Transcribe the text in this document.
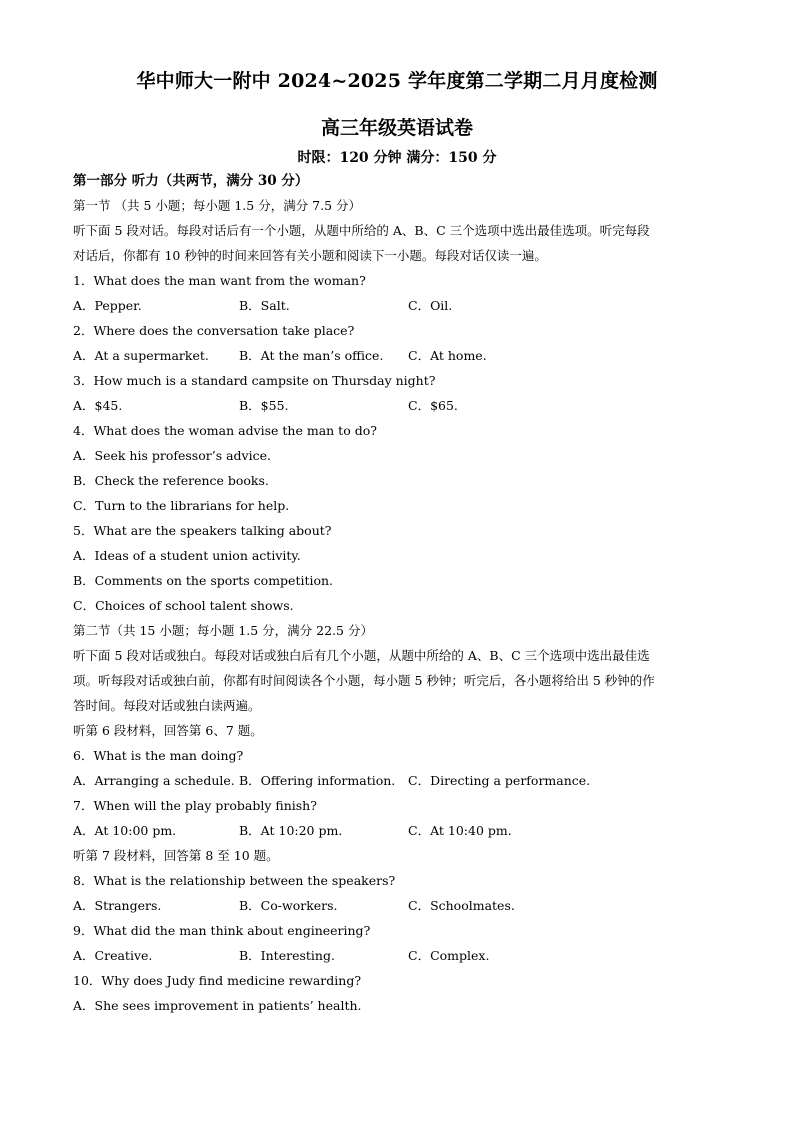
华中师大一附中 2024~2025 学年度第二学期二月月度检测
高三年级英语试卷
时限：120 分钟 满分：150 分
第一部分 听力（共两节，满分 30 分）
第一节 （共 5 小题；每小题 1.5 分，满分 7.5 分）
听下面 5 段对话。每段对话后有一个小题，从题中所给的 A、B、C 三个选项中选出最佳选项。听完每段
对话后，你都有 10 秒钟的时间来回答有关小题和阅读下一小题。每段对话仅读一遍。
1．What does the man want from the woman?
A．Pepper.	B．Salt.	C．Oil.
2．Where does the conversation take place?
A．At a supermarket. B．At the man’s office. C．At home.
3．How much is a standard campsite on Thursday night?
A．$45.	B．$55.	C．$65.
4．What does the woman advise the man to do?
A．Seek his professor’s advice.
B．Check the reference books.
C．Turn to the librarians for help.
5．What are the speakers talking about?
A．Ideas of a student union activity.
B．Comments on the sports competition.
C．Choices of school talent shows.
第二节（共 15 小题；每小题 1.5 分，满分 22.5 分）
听下面 5 段对话或独白。每段对话或独白后有几个小题，从题中所给的 A、B、C 三个选项中选出最佳选
项。听每段对话或独白前，你都有时间阅读各个小题，每小题 5 秒钟；听完后，各小题将给出 5 秒钟的作
答时间。每段对话或独白读两遍。
听第 6 段材料，回答第 6、7 题。
6．What is the man doing?
A．Arranging a schedule. B．Offering information. C．Directing a performance.
7．When will the play probably finish?
A．At 10:00 pm.	B．At 10:20 pm.	C．At 10:40 pm.
听第 7 段材料，回答第 8 至 10 题。
8．What is the relationship between the speakers?
A．Strangers.	B．Co-workers.	C．Schoolmates.
9．What did the man think about engineering?
A．Creative.	B．Interesting.	C．Complex.
10．Why does Judy find medicine rewarding?
A．She sees improvement in patients’ health.
